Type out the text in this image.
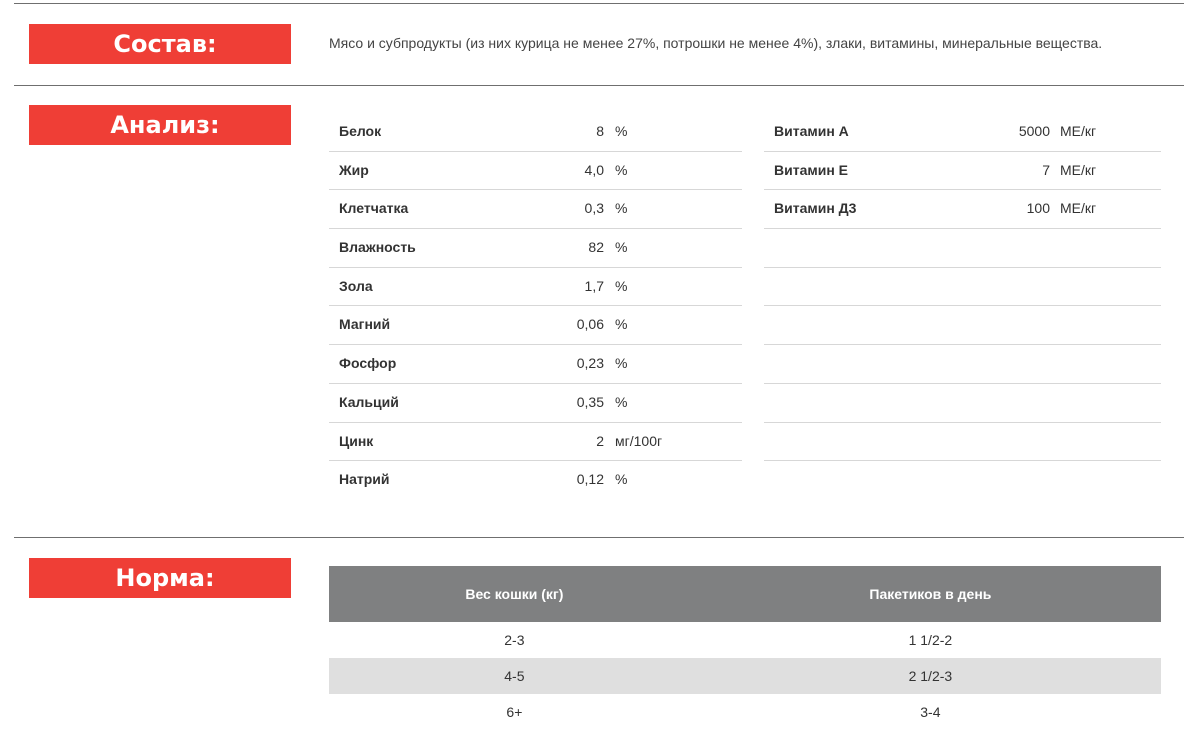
Состав:	Мясо и субпродукты (из них курица не менее 27%, потрошки не менее 4%), злаки, витамины, минеральные вещества.
Анализ:	Белок	8 %
Жир	4,0 %
Клетчатка	0,3 %
Влажность	82 %
Зола	1,7 %
Магний	0,06 %
Фосфор	0,23 %
Кальций	0,35 %
Цинк	2 мг/100г
Натрий	0,12 %
Витамин А	5000 МЕ/кг
Витамин Е	7 МЕ/кг
Витамин Д3	100 МЕ/кг
Норма:
Вес кошки (кг)	Пакетиков в день
2-3	1 1/2-2
4-5	2 1/2-3
6+	3-4
